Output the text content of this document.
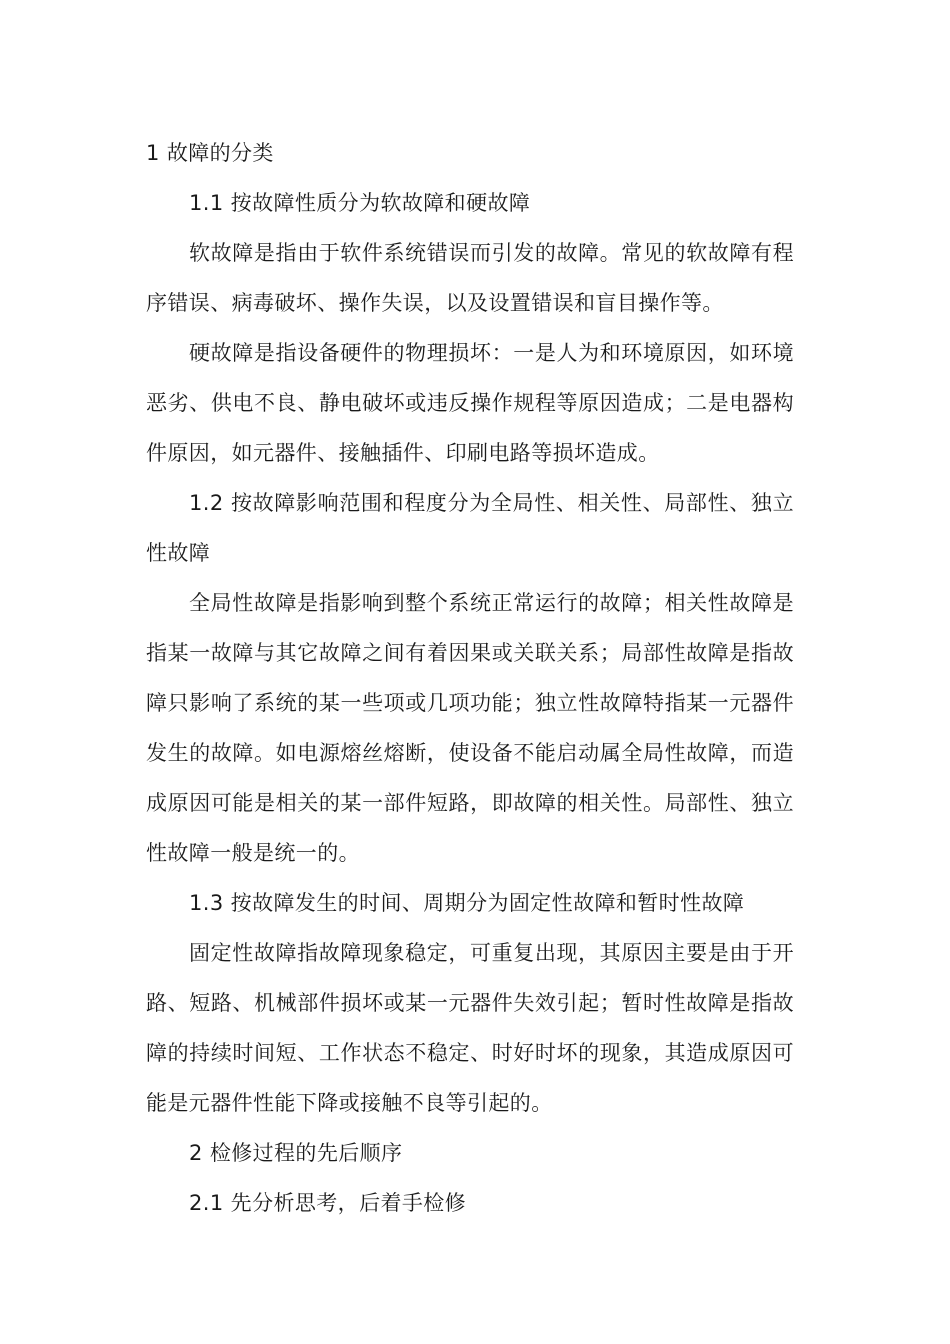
1 故障的分类

1.1 按故障性质分为软故障和硬故障

软故障是指由于软件系统错误而引发的故障。常见的软故障有程序错误、病毒破坏、操作失误，以及设置错误和盲目操作等。

硬故障是指设备硬件的物理损坏：一是人为和环境原因，如环境恶劣、供电不良、静电破坏或违反操作规程等原因造成；二是电器构件原因，如元器件、接触插件、印刷电路等损坏造成。

1.2 按故障影响范围和程度分为全局性、相关性、局部性、独立性故障

全局性故障是指影响到整个系统正常运行的故障；相关性故障是指某一故障与其它故障之间有着因果或关联关系；局部性故障是指故障只影响了系统的某一些项或几项功能；独立性故障特指某一元器件发生的故障。如电源熔丝熔断，使设备不能启动属全局性故障，而造成原因可能是相关的某一部件短路，即故障的相关性。局部性、独立性故障一般是统一的。

1.3 按故障发生的时间、周期分为固定性故障和暂时性故障

固定性故障指故障现象稳定，可重复出现，其原因主要是由于开路、短路、机械部件损坏或某一元器件失效引起；暂时性故障是指故障的持续时间短、工作状态不稳定、时好时坏的现象，其造成原因可能是元器件性能下降或接触不良等引起的。

2 检修过程的先后顺序

2.1 先分析思考，后着手检修
